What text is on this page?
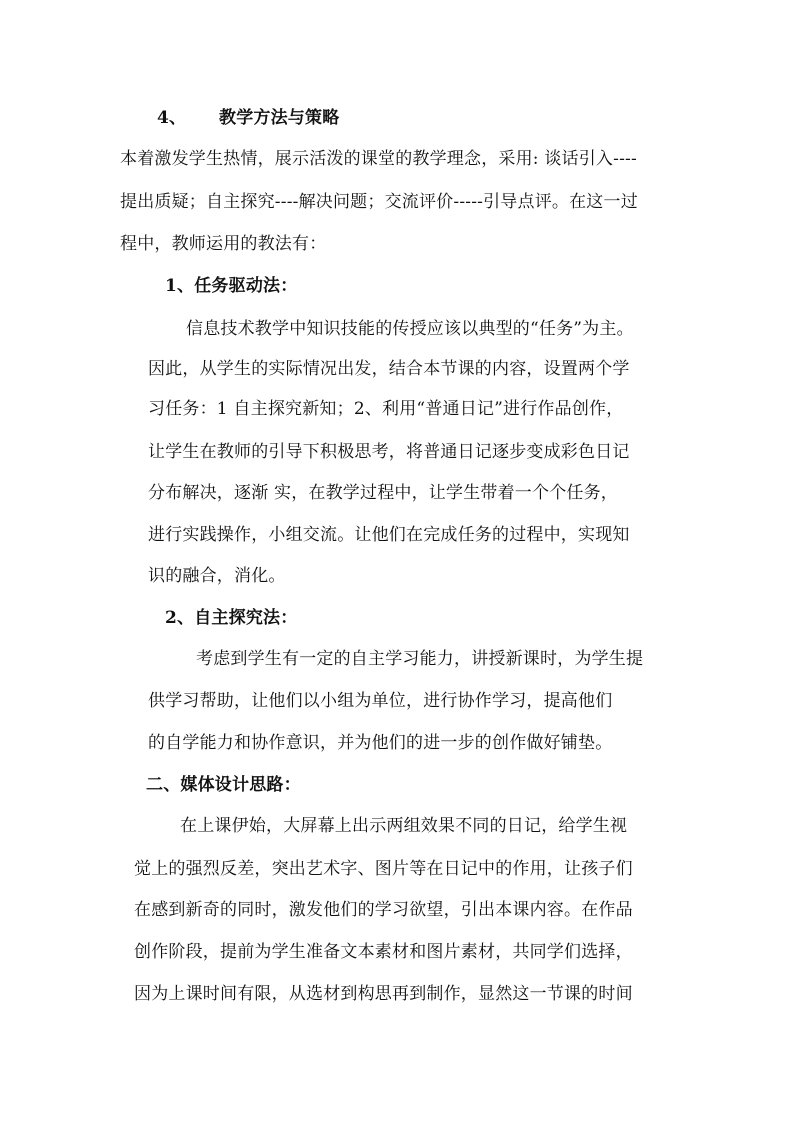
4、 教学方法与策略
本着激发学生热情，展示活泼的课堂的教学理念，采用: 谈话引入----
提出质疑；自主探究----解决问题；交流评价-----引导点评。在这一过
程中，教师运用的教法有：
1、任务驱动法：
信息技术教学中知识技能的传授应该以典型的“任务”为主。
因此，从学生的实际情况出发，结合本节课的内容，设置两个学
习任务：1 自主探究新知；2、利用“普通日记”进行作品创作，
让学生在教师的引导下积极思考，将普通日记逐步变成彩色日记
分布解决，逐渐 实，在教学过程中，让学生带着一个个任务，
进行实践操作，小组交流。让他们在完成任务的过程中，实现知
识的融合，消化。
2、自主探究法：
考虑到学生有一定的自主学习能力，讲授新课时，为学生提
供学习帮助，让他们以小组为单位，进行协作学习，提高他们
的自学能力和协作意识，并为他们的进一步的创作做好铺垫。
二、媒体设计思路：
在上课伊始，大屏幕上出示两组效果不同的日记，给学生视
觉上的强烈反差，突出艺术字、图片等在日记中的作用，让孩子们
在感到新奇的同时，激发他们的学习欲望，引出本课内容。在作品
创作阶段，提前为学生准备文本素材和图片素材，共同学们选择，
因为上课时间有限，从选材到构思再到制作，显然这一节课的时间
